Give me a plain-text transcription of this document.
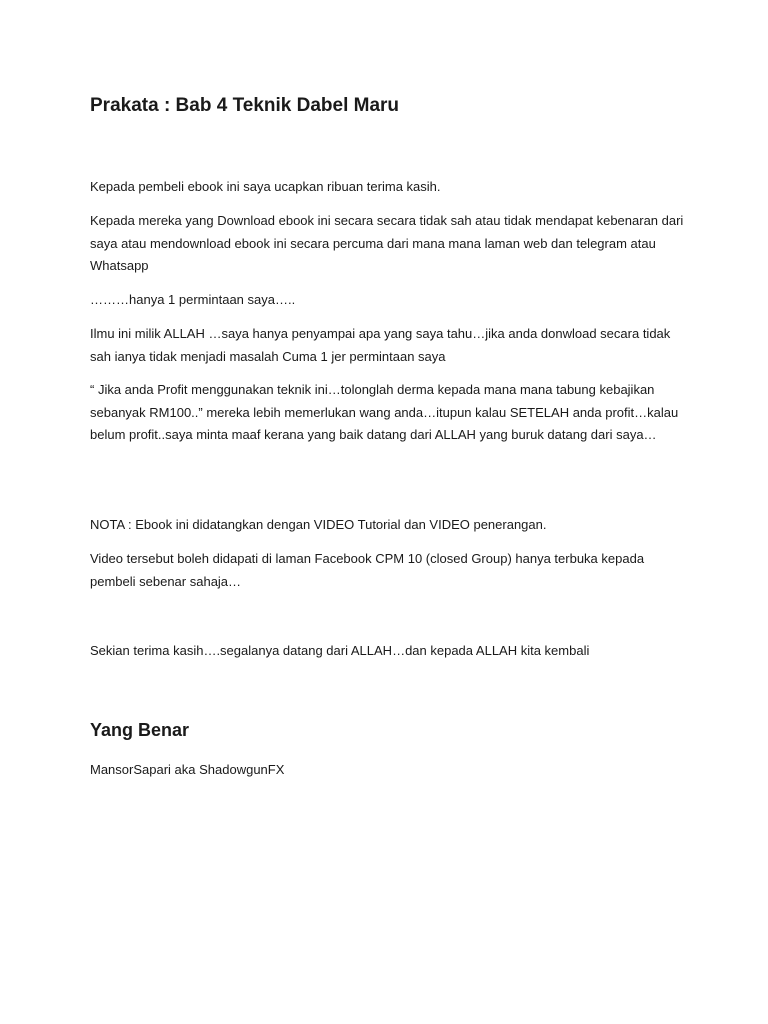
Prakata : Bab 4 Teknik Dabel Maru

Kepada pembeli ebook ini saya ucapkan ribuan terima kasih.

Kepada mereka yang Download ebook ini secara secara tidak sah atau tidak mendapat kebenaran dari saya atau mendownload ebook ini secara percuma dari mana mana laman web dan telegram atau Whatsapp

………hanya 1 permintaan saya…..

Ilmu ini milik ALLAH …saya hanya penyampai apa yang saya tahu…jika anda donwload secara tidak sah ianya tidak menjadi masalah Cuma 1 jer permintaan saya

“ Jika anda Profit menggunakan teknik ini…tolonglah derma kepada mana mana tabung kebajikan sebanyak RM100..” mereka lebih memerlukan wang anda…itupun kalau SETELAH anda profit…kalau belum profit..saya minta maaf kerana yang baik datang dari ALLAH yang buruk datang dari saya…

NOTA : Ebook ini didatangkan dengan VIDEO Tutorial dan VIDEO penerangan.

Video tersebut boleh didapati di laman Facebook CPM 10 (closed Group) hanya terbuka kepada pembeli sebenar sahaja…

Sekian terima kasih….segalanya datang dari ALLAH…dan kepada ALLAH kita kembali

Yang Benar

MansorSapari aka ShadowgunFX
